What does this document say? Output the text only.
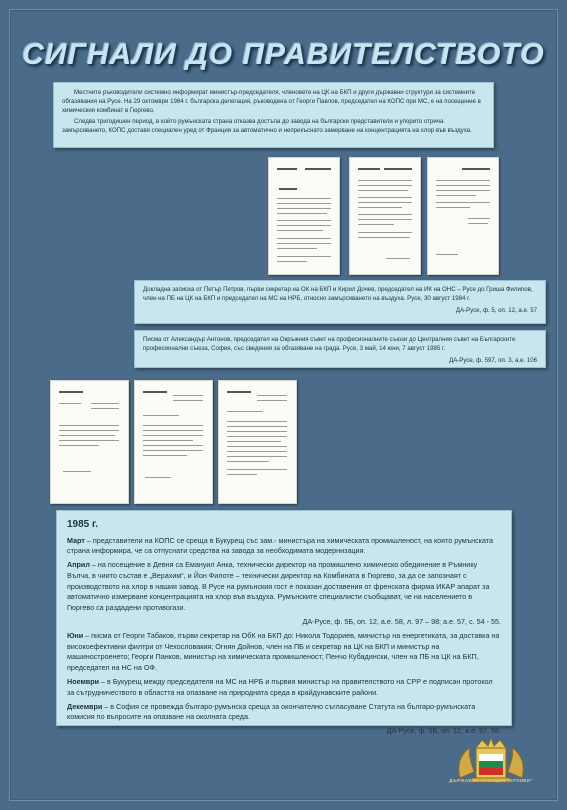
СИГНАЛИ ДО ПРАВИТЕЛСТВОТО

Местните ръководители системно информират министър-председателя, членовете на ЦК на БКП и други държавни структури за системните обгазявания на Русе. На 29 октомври 1984 г. българска делегация, ръководена от Георги Павлов, председател на КОПС при МС, е на посещение в химическия комбинат в Гюргево.

Следва тригодишен период, в който румънската страна отказва достъпа до завода на български представители и упорито отрича замърсяването, КОПС доставя специален уред от Франция за автоматично и непрекъснато замерване на концентрацията на хлор във въздуха.

Докладна записка от Петър Петров, първи секретар на ОК на БКП и Кирил Дочев, председател на ИК на ОНС – Русе до Гриша Филипов, член на ПБ на ЦК на БКП и председател на МС на НРБ, относно замърсяването на въздуха. Русе, 30 август 1984 г.

ДА-Русе, ф. 5, оп. 12, а.е. 57

Писма от Александър Антонов, председател на Окръжния съвет на професионалните съюзи до Централния съвет на Българските професионални съюза, София, със сведения за обгазяване на града. Русе, 3 май, 14 юни, 7 август 1985 г.

ДА-Русе, ф. 597, оп. 3, а.е. 106

1985 г.

Март – представители на КОПС се среща в Букурещ със зам.- министъра на химическата промишленост, на която румънската страна информира, че са отпуснати средства на завода за необходимата модернизация.

Април – на посещение в Девня са Емануил Анка, технически директор на промишлено химическо обединение в Ръмнику Вълча, в чиито състав е „Верахим“, и Йон Филоте – технически директор на Комбината в Гюргево, за да се запознаят с производството на хлор в нашия завод. В Русе на румънския гост е показан доставения от френската фирма ИКАР апарат за автоматично измерване концентрацията на хлор във въздуха. Румънските специалисти съобщават, че на населението в Гюргево са раздадени противогази.

ДА-Русе, ф. 5Б, оп. 12, а.е. 58, л. 97 – 98; а.е. 57, с. 54 - 55.

Юни – писма от Георги Табаков, първи секретар на ОбК на БКП до: Никола Тодориев, министър на енергетиката, за доставка на високоефективни филтри от Чехословакия; Огнян Дойнов, член на ПБ и секретар на ЦК на БКП и министър на машиностроенето; Георги Панков, министър на химическата промишленост; Пенчо Кубадински, член на ПБ на ЦК на БКП, председател на НС на ОФ.

Ноември – в Букурещ между председателя на МС на НРБ и първия министър на правителството на СРР е подписан протокол за сътрудничеството в областта на опазване на природната среда в крайдунавските райони.

Декември – в София се провежда българо-румънска среща за окончателно съгласуване Статута на българо-румънската комисия по въпросите на опазване на околната среда.

ДА-Русе, ф. 5Б, оп. 12, а.е. 57, 58.

ДЪРЖАВНА АГЕНЦИЯ "АРХИВИ"
